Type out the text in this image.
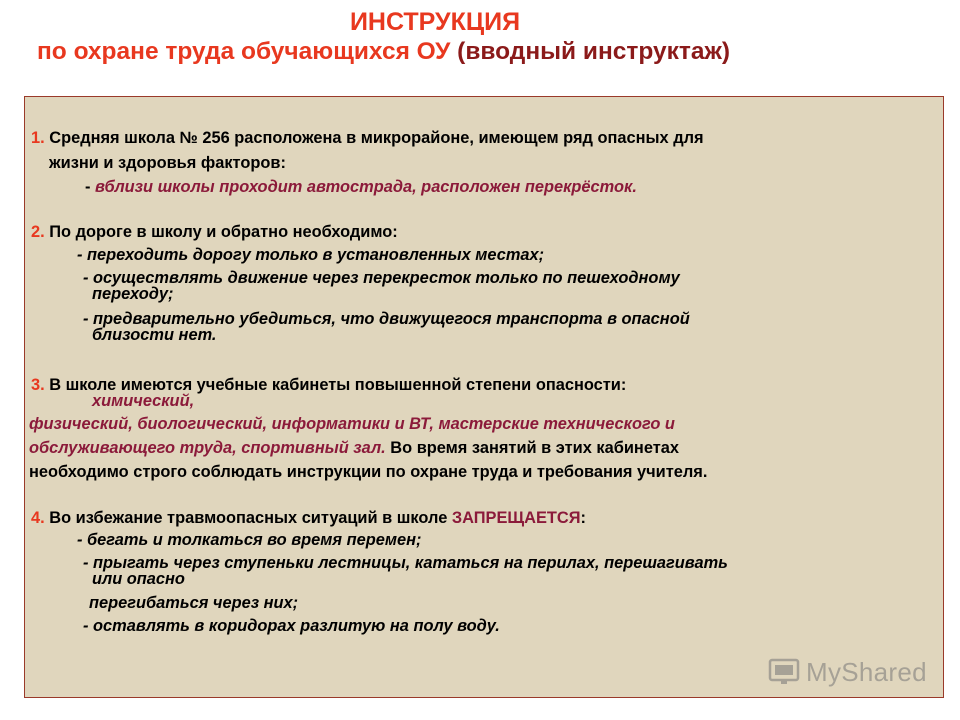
ИНСТРУКЦИЯ
по охране труда обучающихся ОУ (вводный инструктаж)
1. Средняя школа № 256 расположена в микрорайоне, имеющем ряд опасных для
жизни и здоровья факторов:
- вблизи школы проходит автострада, расположен перекрёсток.
2. По дороге в школу и обратно необходимо:
- переходить дорогу только в установленных местах;
- осуществлять движение через перекресток только по пешеходному
переходу;
- предварительно убедиться, что движущегося транспорта в опасной
близости нет.
3. В школе имеются учебные кабинеты повышенной степени опасности:
химический,
физический, биологический, информатики и ВТ, мастерские технического и
обслуживающего труда, спортивный зал. Во время занятий в этих кабинетах
необходимо строго соблюдать инструкции по охране труда и требования учителя.
4. Во избежание травмоопасных ситуаций в школе ЗАПРЕЩАЕТСЯ:
- бегать и толкаться во время перемен;
- прыгать через ступеньки лестницы, кататься на перилах, перешагивать
или опасно
перегибаться через них;
- оставлять в коридорах разлитую на полу воду.
MyShared
